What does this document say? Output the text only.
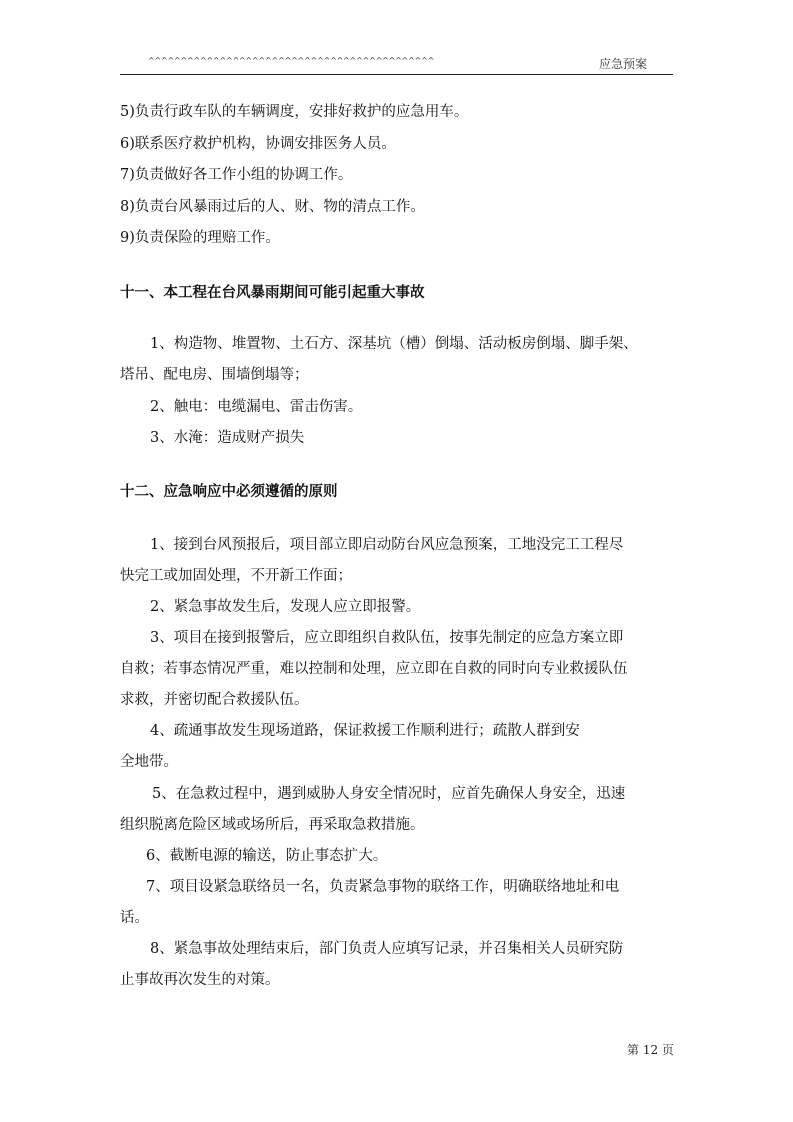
^^^^^^^^^^^^^^^^^^^^^^^^^^^^^^^^^^^^^^^^^^^^	应急预案
5)负责行政车队的车辆调度，安排好救护的应急用车。
6)联系医疗救护机构，协调安排医务人员。
7)负责做好各工作小组的协调工作。
8)负责台风暴雨过后的人、财、物的清点工作。
9)负责保险的理赔工作。
十一、本工程在台风暴雨期间可能引起重大事故
1、构造物、堆置物、土石方、深基坑（槽）倒塌、活动板房倒塌、脚手架、
塔吊、配电房、围墙倒塌等；
2、触电：电缆漏电、雷击伤害。
3、水淹：造成财产损失
十二、应急响应中必须遵循的原则
1、接到台风预报后，项目部立即启动防台风应急预案，工地没完工工程尽
快完工或加固处理，不开新工作面；
2、紧急事故发生后，发现人应立即报警。
3、项目在接到报警后，应立即组织自救队伍，按事先制定的应急方案立即
自救；若事态情况严重，难以控制和处理，应立即在自救的同时向专业救援队伍
求救，并密切配合救援队伍。
4、疏通事故发生现场道路，保证救援工作顺利进行；疏散人群到安
全地带。
5、在急救过程中，遇到威胁人身安全情况时，应首先确保人身安全，迅速
组织脱离危险区域或场所后，再采取急救措施。
6、截断电源的输送，防止事态扩大。
7、项目设紧急联络员一名，负责紧急事物的联络工作，明确联络地址和电
话。
8、紧急事故处理结束后，部门负责人应填写记录，并召集相关人员研究防
止事故再次发生的对策。
第 12 页
